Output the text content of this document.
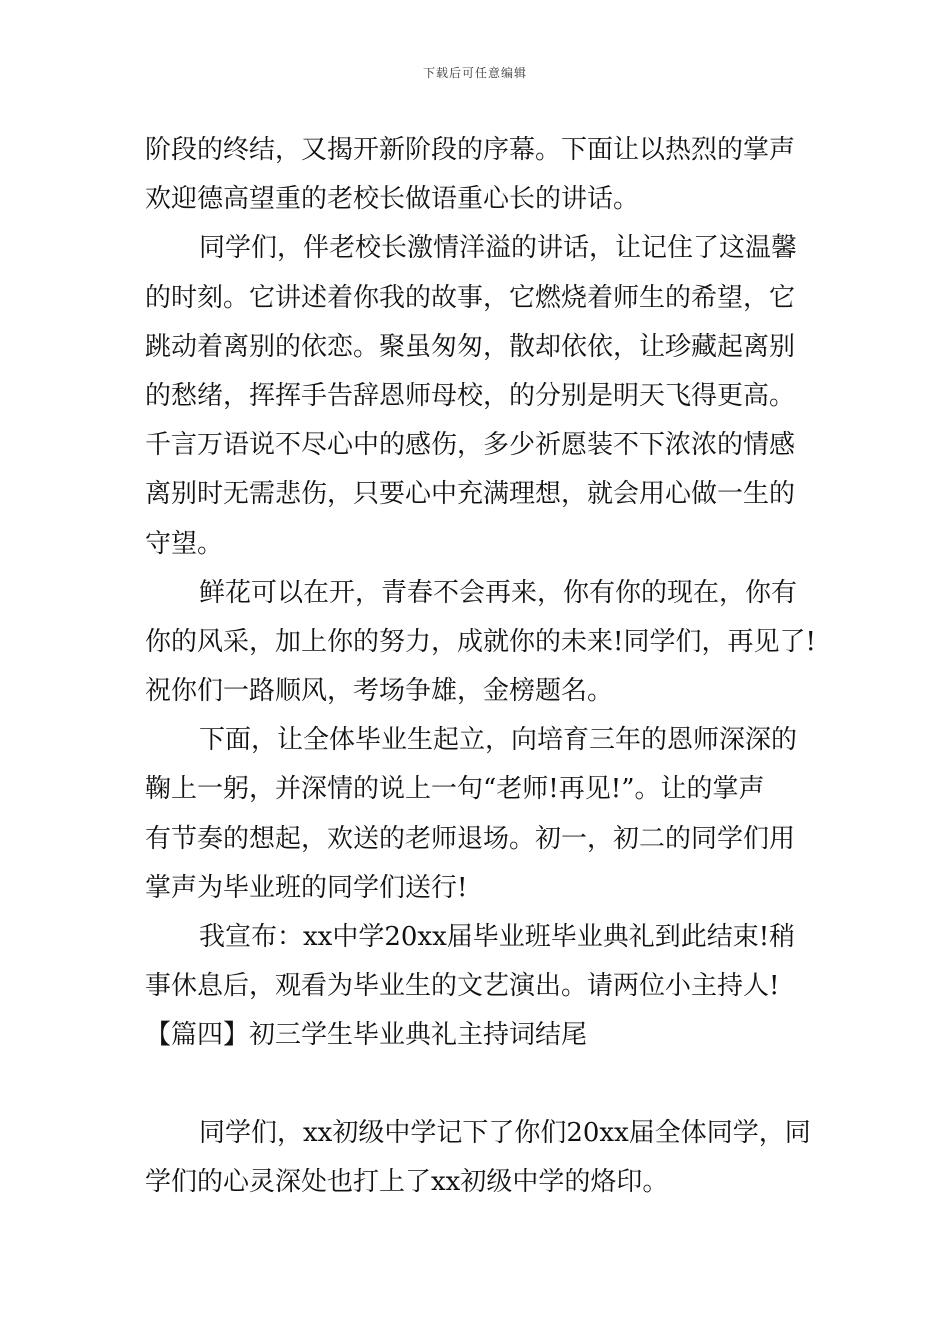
下载后可任意编辑
阶段的终结，又揭开新阶段的序幕。下面让以热烈的掌声
欢迎德高望重的老校长做语重心长的讲话。
同学们，伴老校长激情洋溢的讲话，让记住了这温馨
的时刻。它讲述着你我的故事，它燃烧着师生的希望，它
跳动着离别的依恋。聚虽匆匆，散却依依，让珍藏起离别
的愁绪，挥挥手告辞恩师母校，的分别是明天飞得更高。
千言万语说不尽心中的感伤，多少祈愿装不下浓浓的情感
离别时无需悲伤，只要心中充满理想，就会用心做一生的
守望。
鲜花可以在开，青春不会再来，你有你的现在，你有
你的风采，加上你的努力，成就你的未来!同学们，再见了!
祝你们一路顺风，考场争雄，金榜题名。
下面，让全体毕业生起立，向培育三年的恩师深深的
鞠上一躬，并深情的说上一句“老师!再见!”。让的掌声
有节奏的想起，欢送的老师退场。初一，初二的同学们用
掌声为毕业班的同学们送行!
我宣布：xx中学20xx届毕业班毕业典礼到此结束!稍
事休息后，观看为毕业生的文艺演出。请两位小主持人!
【篇四】初三学生毕业典礼主持词结尾
同学们，xx初级中学记下了你们20xx届全体同学，同
学们的心灵深处也打上了xx初级中学的烙印。
